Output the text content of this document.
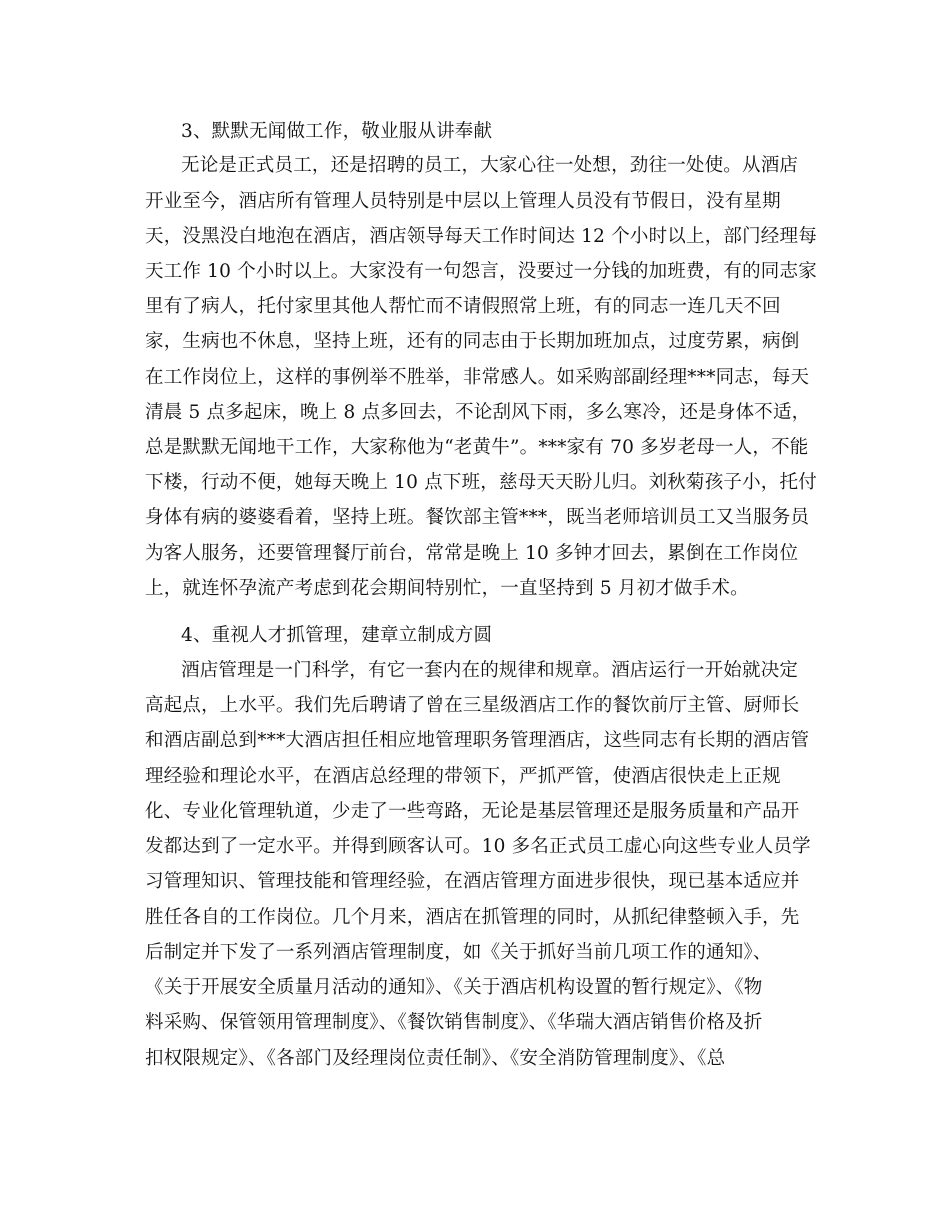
3、默默无闻做工作，敬业服从讲奉献
无论是正式员工，还是招聘的员工，大家心往一处想，劲往一处使。从酒店
开业至今，酒店所有管理人员特别是中层以上管理人员没有节假日，没有星期
天，没黑没白地泡在酒店，酒店领导每天工作时间达 12 个小时以上，部门经理每
天工作 10 个小时以上。大家没有一句怨言，没要过一分钱的加班费，有的同志家
里有了病人，托付家里其他人帮忙而不请假照常上班，有的同志一连几天不回
家，生病也不休息，坚持上班，还有的同志由于长期加班加点，过度劳累，病倒
在工作岗位上，这样的事例举不胜举，非常感人。如采购部副经理***同志，每天
清晨 5 点多起床，晚上 8 点多回去，不论刮风下雨，多么寒冷，还是身体不适，
总是默默无闻地干工作，大家称他为“老黄牛”。***家有 70 多岁老母一人，不能
下楼，行动不便，她每天晚上 10 点下班，慈母天天盼儿归。刘秋菊孩子小，托付
身体有病的婆婆看着，坚持上班。餐饮部主管***，既当老师培训员工又当服务员
为客人服务，还要管理餐厅前台，常常是晚上 10 多钟才回去，累倒在工作岗位
上，就连怀孕流产考虑到花会期间特别忙，一直坚持到 5 月初才做手术。
4、重视人才抓管理，建章立制成方圆
酒店管理是一门科学，有它一套内在的规律和规章。酒店运行一开始就决定
高起点，上水平。我们先后聘请了曾在三星级酒店工作的餐饮前厅主管、厨师长
和酒店副总到***大酒店担任相应地管理职务管理酒店，这些同志有长期的酒店管
理经验和理论水平，在酒店总经理的带领下，严抓严管，使酒店很快走上正规
化、专业化管理轨道，少走了一些弯路，无论是基层管理还是服务质量和产品开
发都达到了一定水平。并得到顾客认可。10 多名正式员工虚心向这些专业人员学
习管理知识、管理技能和管理经验，在酒店管理方面进步很快，现已基本适应并
胜任各自的工作岗位。几个月来，酒店在抓管理的同时，从抓纪律整顿入手，先
后制定并下发了一系列酒店管理制度，如《关于抓好当前几项工作的通知》、
《关于开展安全质量月活动的通知》、《关于酒店机构设置的暂行规定》、《物
料采购、保管领用管理制度》、《餐饮销售制度》、《华瑞大酒店销售价格及折
扣权限规定》、《各部门及经理岗位责任制》、《安全消防管理制度》、《总
